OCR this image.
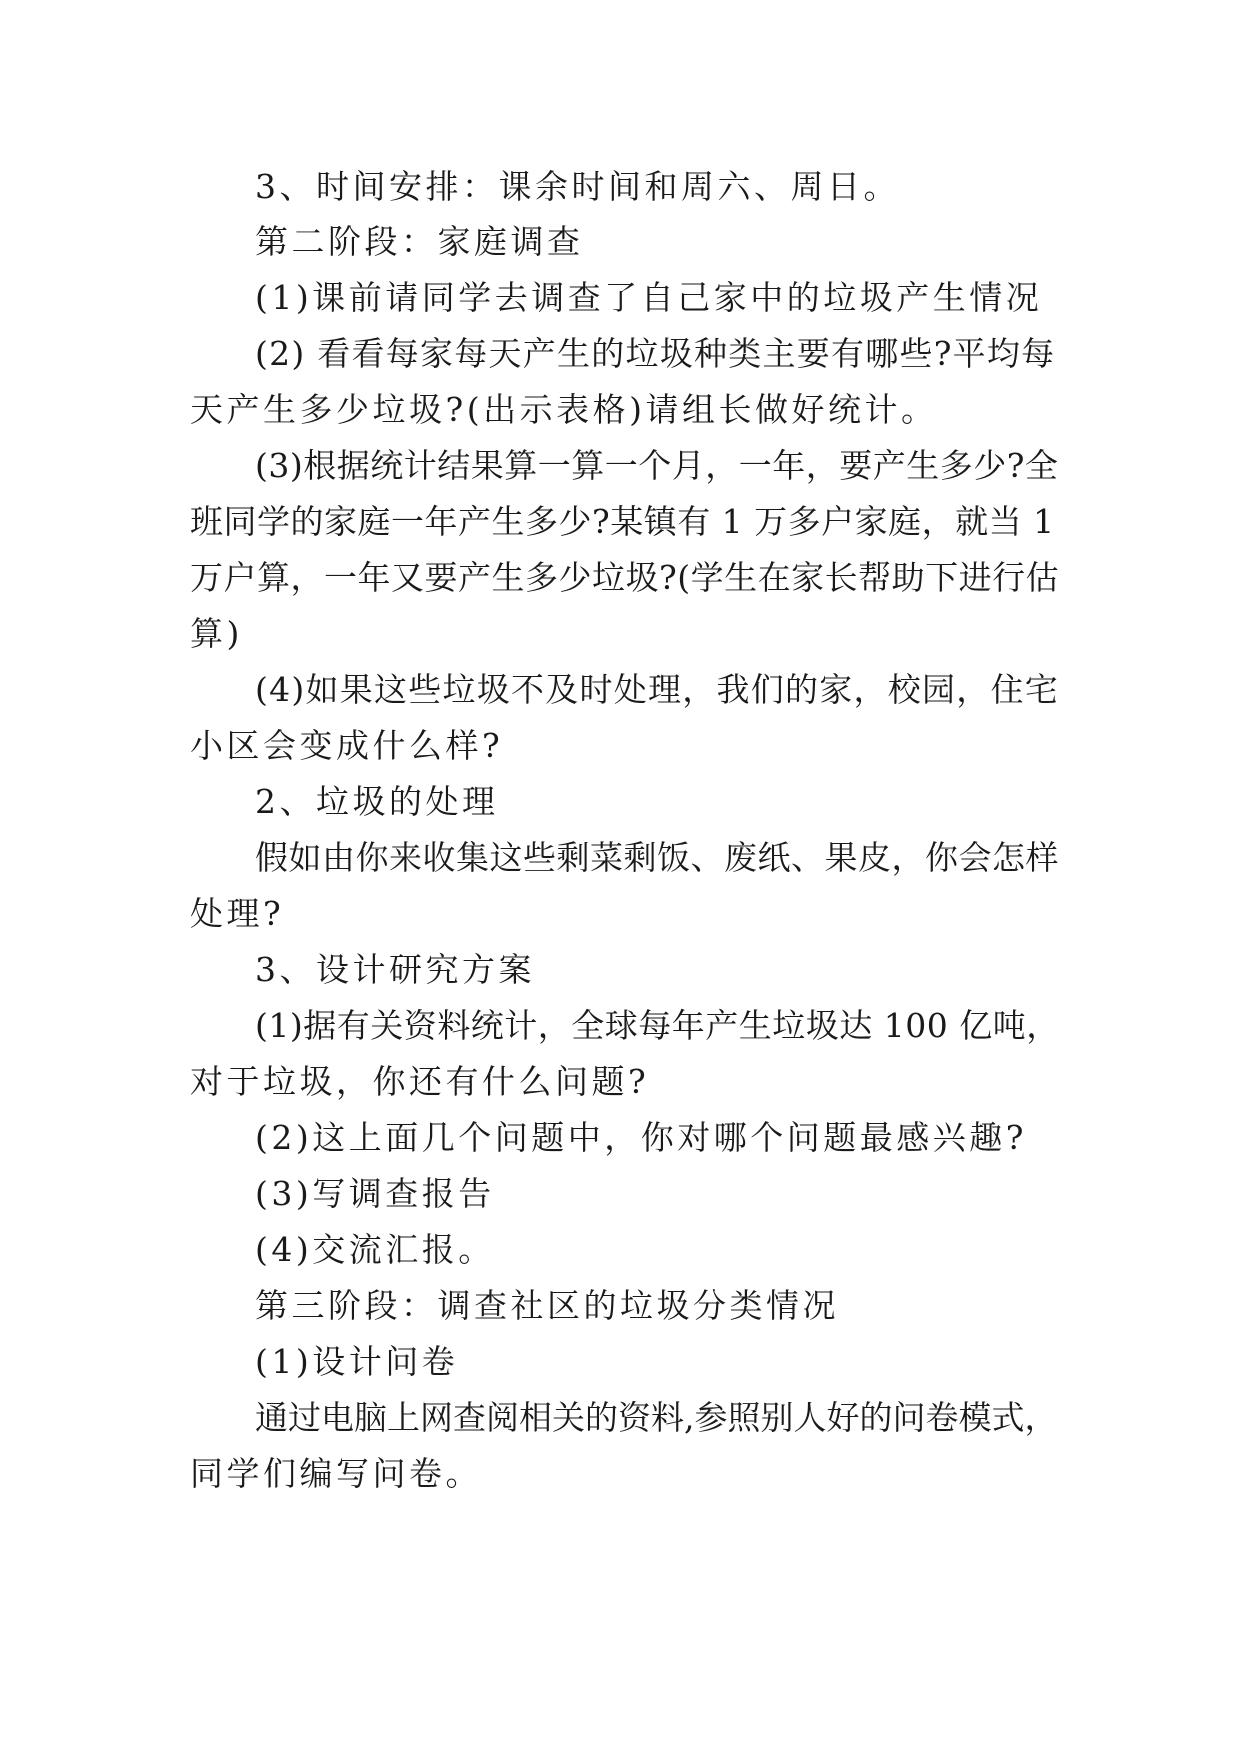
3、时间安排：课余时间和周六、周日。
第二阶段：家庭调查
(1)课前请同学去调查了自己家中的垃圾产生情况
(2) 看看每家每天产生的垃圾种类主要有哪些?平均每
天产生多少垃圾?(出示表格)请组长做好统计。
(3)根据统计结果算一算一个月，一年，要产生多少?全
班同学的家庭一年产生多少?某镇有 1 万多户家庭，就当 1
万户算，一年又要产生多少垃圾?(学生在家长帮助下进行估
算)
(4)如果这些垃圾不及时处理，我们的家，校园，住宅
小区会变成什么样?
2、垃圾的处理
假如由你来收集这些剩菜剩饭、废纸、果皮，你会怎样
处理?
3、设计研究方案
(1)据有关资料统计，全球每年产生垃圾达 100 亿吨，
对于垃圾，你还有什么问题?
(2)这上面几个问题中，你对哪个问题最感兴趣?
(3)写调查报告
(4)交流汇报。
第三阶段：调查社区的垃圾分类情况
(1)设计问卷
通过电脑上网查阅相关的资料,参照别人好的问卷模式，
同学们编写问卷。
